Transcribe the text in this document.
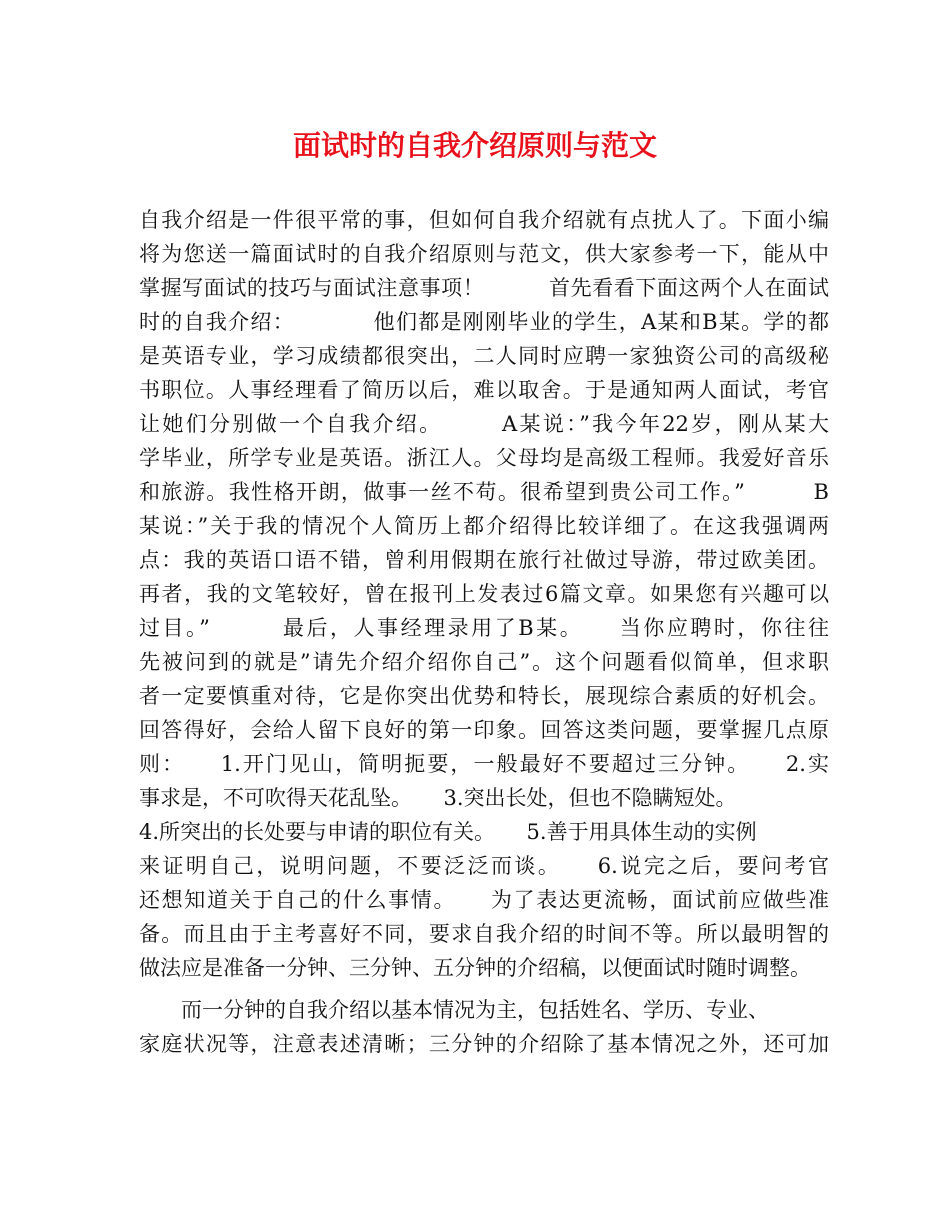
面试时的自我介绍原则与范文

自我介绍是一件很平常的事，但如何自我介绍就有点扰人了。下面小编

将为您送一篇面试时的自我介绍原则与范文，供大家参考一下，能从中

掌握写面试的技巧与面试注意事项！　　　首先看看下面这两个人在面试

时的自我介绍：　　　　他们都是刚刚毕业的学生，A某和B某。学的都

是英语专业，学习成绩都很突出，二人同时应聘一家独资公司的高级秘

书职位。人事经理看了简历以后，难以取舍。于是通知两人面试，考官

让她们分别做一个自我介绍。　　　A某说：”我今年22岁，刚从某大

学毕业，所学专业是英语。浙江人。父母均是高级工程师。我爱好音乐

和旅游。我性格开朗，做事一丝不苟。很希望到贵公司工作。”　　　B

某说：”关于我的情况个人简历上都介绍得比较详细了。在这我强调两

点：我的英语口语不错，曾利用假期在旅行社做过导游，带过欧美团。

再者，我的文笔较好，曾在报刊上发表过6篇文章。如果您有兴趣可以

过目。”　　　最后，人事经理录用了B某。　　当你应聘时，你往往

先被问到的就是”请先介绍介绍你自己”。这个问题看似简单，但求职

者一定要慎重对待，它是你突出优势和特长，展现综合素质的好机会。

回答得好，会给人留下良好的第一印象。回答这类问题，要掌握几点原

则：　　1.开门见山，简明扼要，一般最好不要超过三分钟。　　2.实

事求是，不可吹得天花乱坠。　　3.突出长处，但也不隐瞒短处。　　

4.所突出的长处要与申请的职位有关。　　5.善于用具体生动的实例

来证明自己，说明问题，不要泛泛而谈。　　6.说完之后，要问考官

还想知道关于自己的什么事情。　　为了表达更流畅，面试前应做些准

备。而且由于主考喜好不同，要求自我介绍的时间不等。所以最明智的

做法应是准备一分钟、三分钟、五分钟的介绍稿，以便面试时随时调整。

　　而一分钟的自我介绍以基本情况为主，包括姓名、学历、专业、

家庭状况等，注意表述清晰；三分钟的介绍除了基本情况之外，还可加
